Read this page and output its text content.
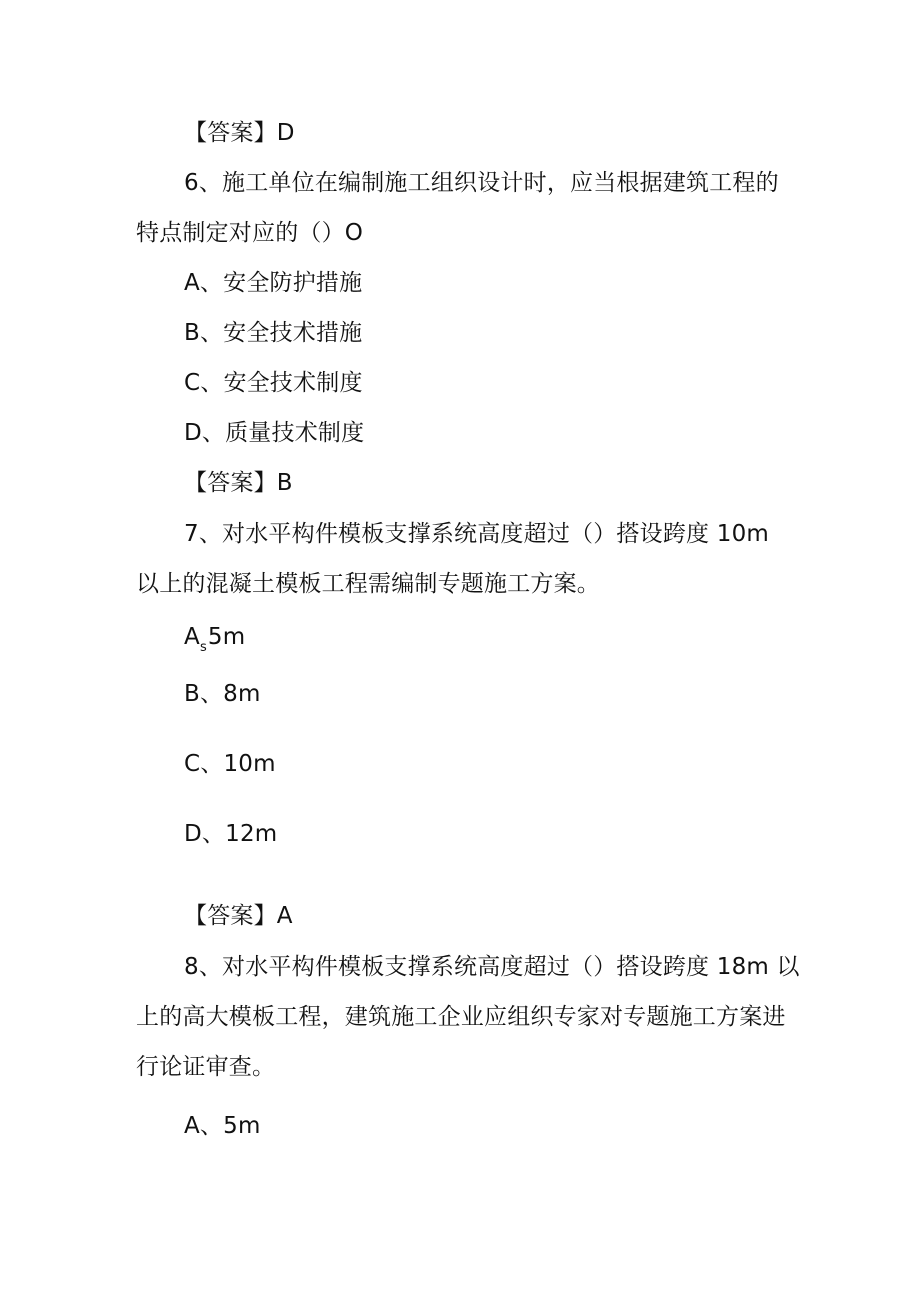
【答案】D
6、施工单位在编制施工组织设计时，应当根据建筑工程的
特点制定对应的（）O
A、安全防护措施
B、安全技术措施
C、安全技术制度
D、质量技术制度
【答案】B
7、对水平构件模板支撑系统高度超过（）搭设跨度 10m
以上的混凝土模板工程需编制专题施工方案。
$A_s5m$
B、8m
C、10m
D、12m
【答案】A
8、对水平构件模板支撑系统高度超过（）搭设跨度 18m 以
上的高大模板工程，建筑施工企业应组织专家对专题施工方案进
行论证审查。
A、5m
